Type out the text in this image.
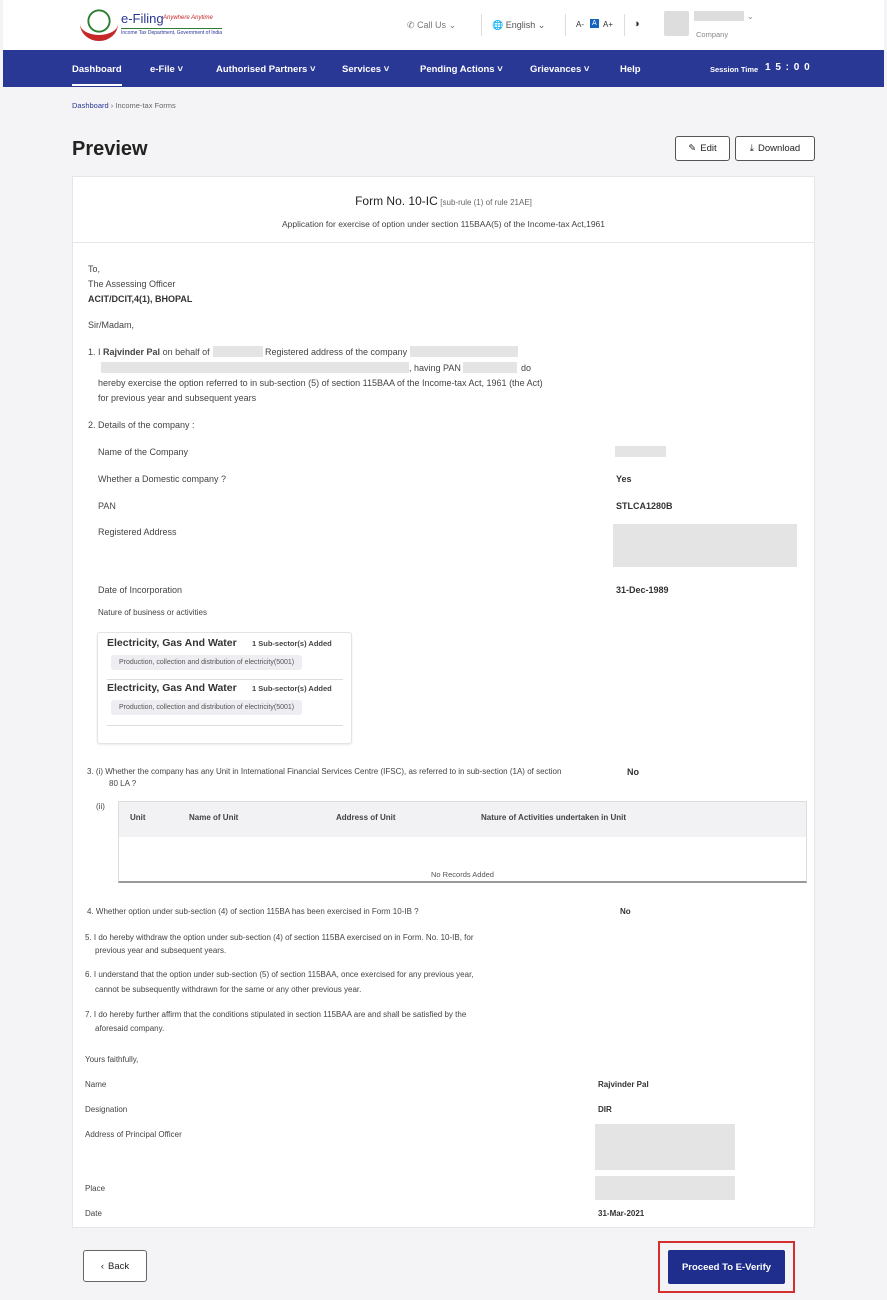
e-Filing Anywhere Anytime
Income Tax Department, Government of India
✆ Call Us ⌄	🌐 English ⌄	A- A A+ ◑
⌄
Company
Dashboard	e-File ˅	Authorised Partners ˅	Services ˅	Pending Actions ˅	Grievances ˅	Help	Session Time 1 5 : 0 0
Dashboard › Income-tax Forms
Preview	✎ Edit	⤓ Download
Form No. 10-IC [sub-rule (1) of rule 21AE]
Application for exercise of option under section 115BAA(5) of the Income-tax Act,1961
To,
The Assessing Officer
ACIT/DCIT,4(1), BHOPAL
Sir/Madam,
1. I Rajvinder Pal on behalf of	Registered address of the company
, having PAN	do
hereby exercise the option referred to in sub-section (5) of section 115BAA of the Income-tax Act, 1961 (the Act)
for previous year and subsequent years
2. Details of the company :
Name of the Company
Whether a Domestic company ?	Yes
PAN	STLCA1280B
Registered Address
Date of Incorporation	31-Dec-1989
Nature of business or activities
Electricity, Gas And Water 1 Sub-sector(s) Added
Production, collection and distribution of electricity(5001)
Electricity, Gas And Water 1 Sub-sector(s) Added
Production, collection and distribution of electricity(5001)
3. (i) Whether the company has any Unit in International Financial Services Centre (IFSC), as referred to in sub-section (1A) of section	No
80 LA ?
(ii)
Unit	Name of Unit	Address of Unit	Nature of Activities undertaken in Unit
No Records Added
4. Whether option under sub-section (4) of section 115BA has been exercised in Form 10-IB ?	No
5. I do hereby withdraw the option under sub-section (4) of section 115BA exercised on in Form. No. 10-IB, for
previous year and subsequent years.
6. I understand that the option under sub-section (5) of section 115BAA, once exercised for any previous year,
cannot be subsequently withdrawn for the same or any other previous year.
7. I do hereby further affirm that the conditions stipulated in section 115BAA are and shall be satisfied by the
aforesaid company.
Yours faithfully,
Name	Rajvinder Pal
Designation	DIR
Address of Principal Officer
Place
Date	31-Mar-2021
‹ Back	Proceed To E-Verify
